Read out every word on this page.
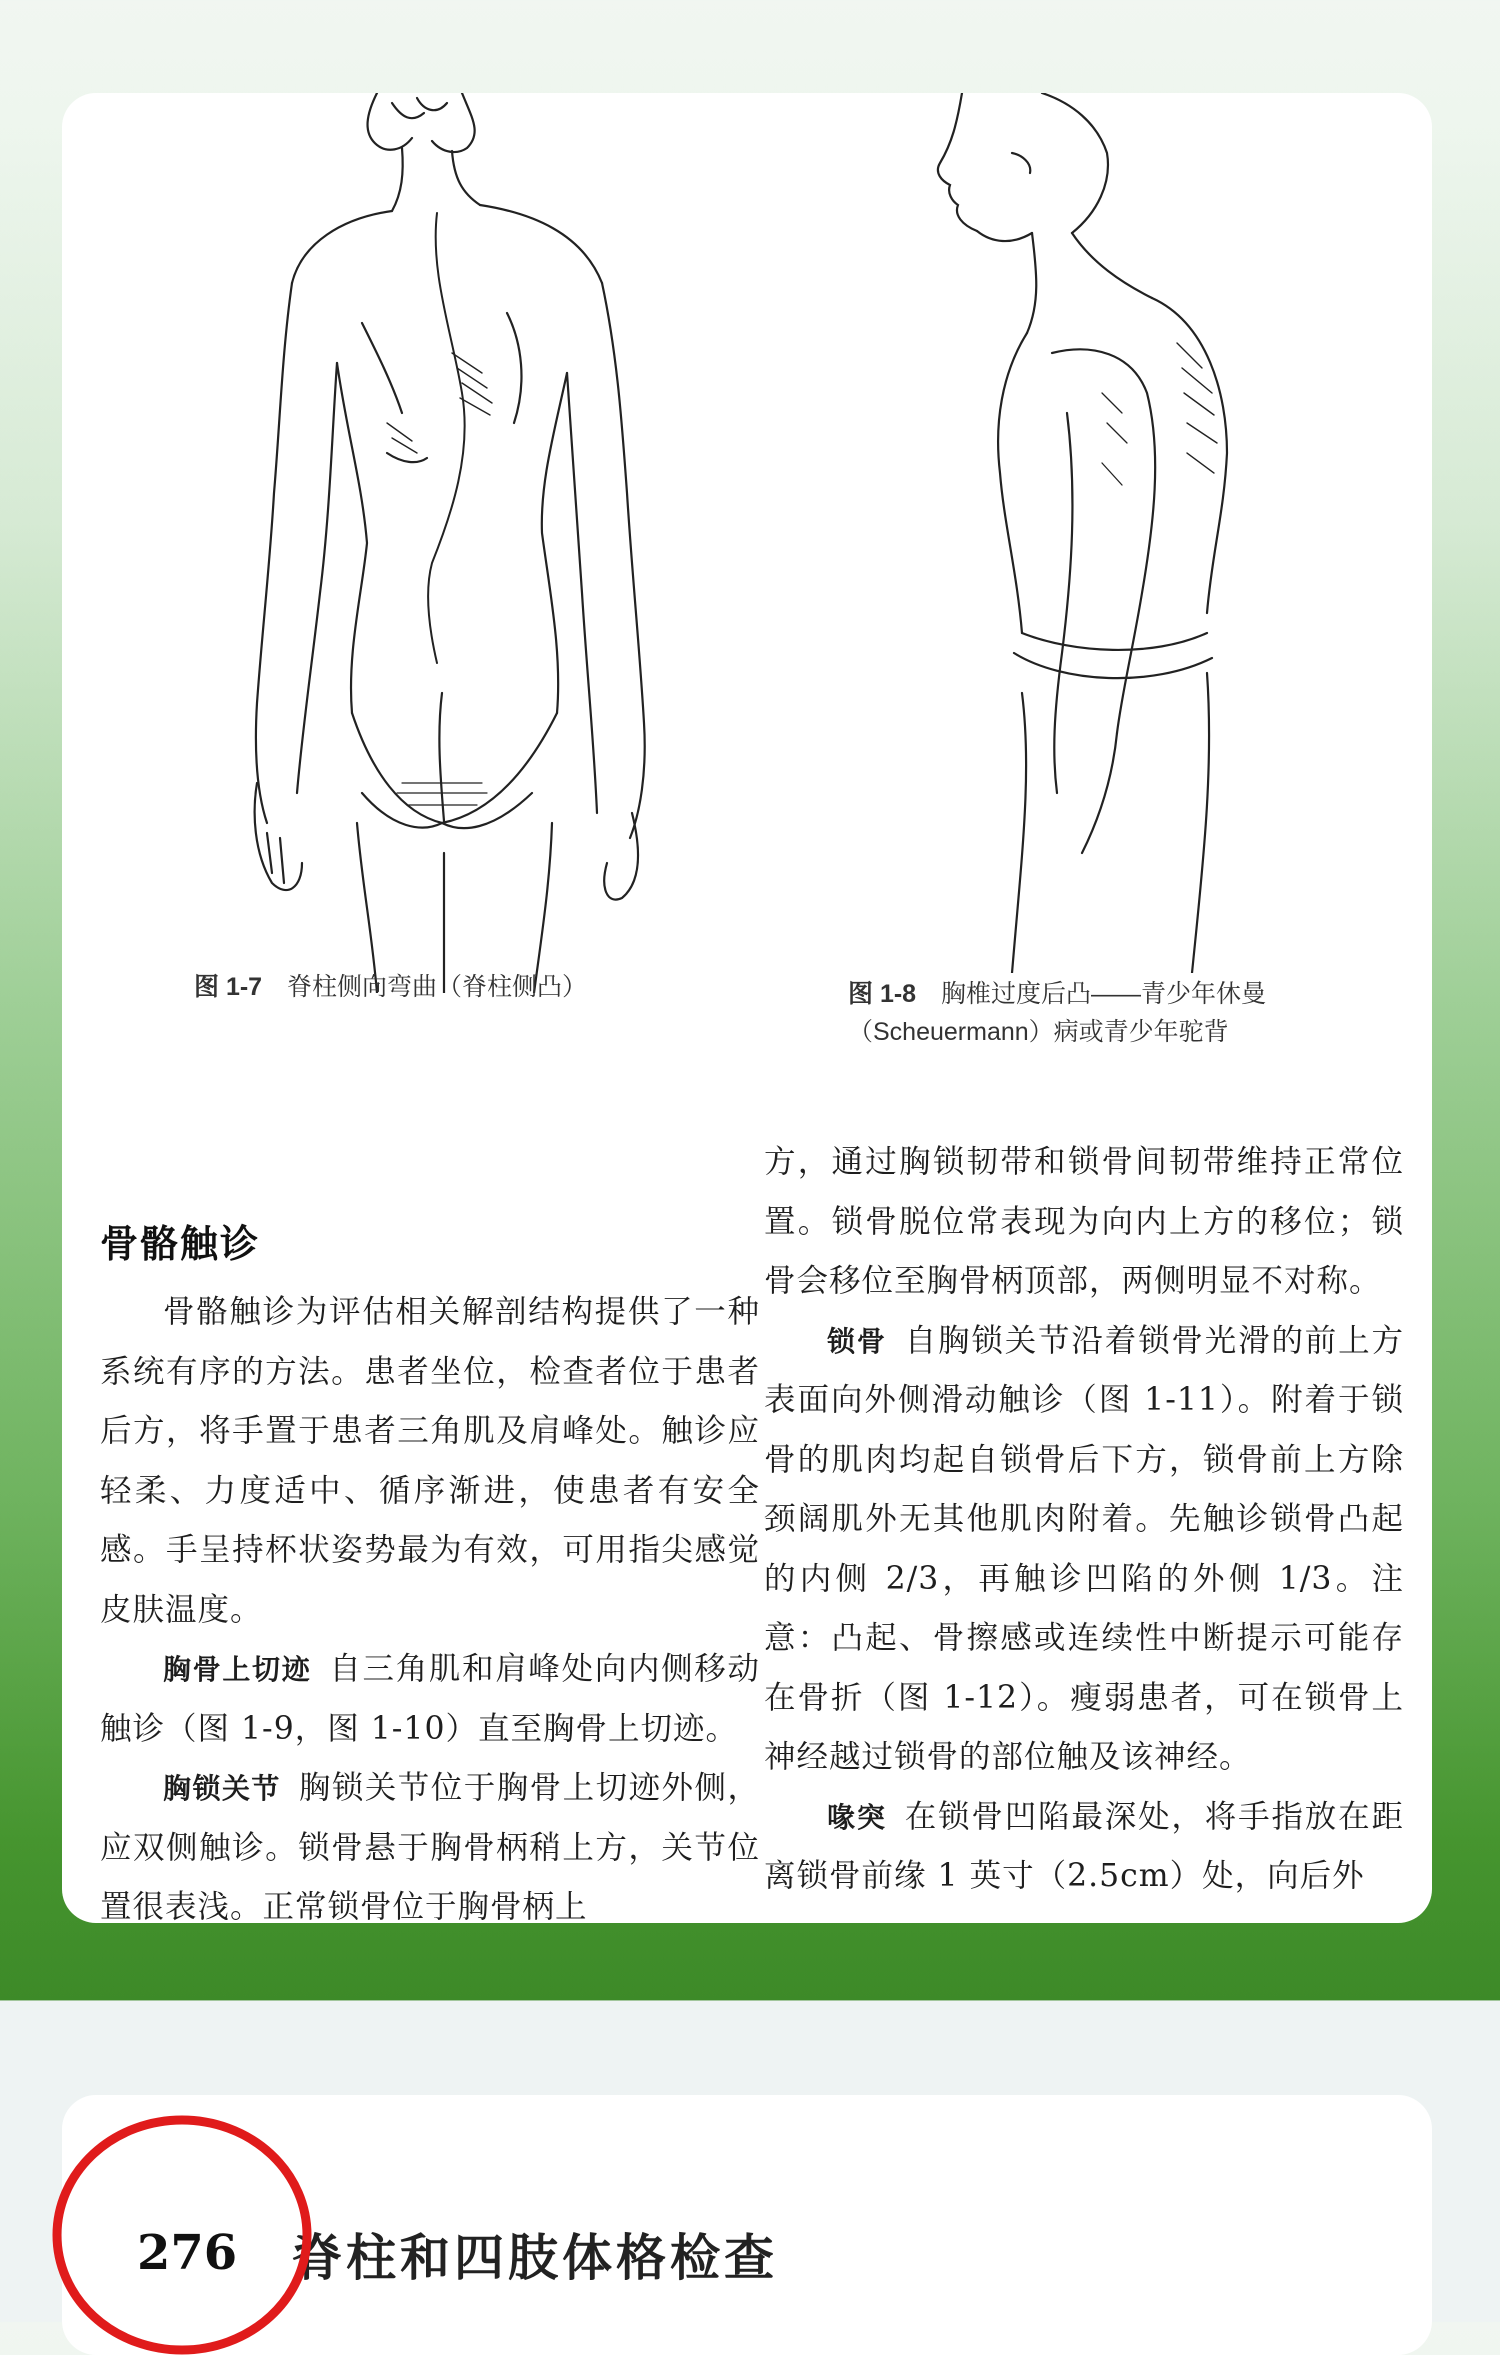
图 1-7 脊柱侧向弯曲（脊柱侧凸）	图 1-8 胸椎过度后凸——青少年休曼
（Scheuermann）病或青少年驼背
骨骼触诊

骨骼触诊为评估相关解剖结构提供了一种系统有序的方法。患者坐位，检查者位于患者后方，将手置于患者三角肌及肩峰处。触诊应轻柔、力度适中、循序渐进，使患者有安全感。手呈持杯状姿势最为有效，可用指尖感觉皮肤温度。

胸骨上切迹 自三角肌和肩峰处向内侧移动触诊（图 1-9，图 1-10）直至胸骨上切迹。

胸锁关节 胸锁关节位于胸骨上切迹外侧，应双侧触诊。锁骨悬于胸骨柄稍上方，关节位置很表浅。正常锁骨位于胸骨柄上

方，通过胸锁韧带和锁骨间韧带维持正常位置。锁骨脱位常表现为向内上方的移位；锁骨会移位至胸骨柄顶部，两侧明显不对称。

锁骨 自胸锁关节沿着锁骨光滑的前上方表面向外侧滑动触诊（图 1-11）。附着于锁骨的肌肉均起自锁骨后下方，锁骨前上方除颈阔肌外无其他肌肉附着。先触诊锁骨凸起的内侧 2/3，再触诊凹陷的外侧 1/3。注意：凸起、骨擦感或连续性中断提示可能存在骨折（图 1-12）。瘦弱患者，可在锁骨上神经越过锁骨的部位触及该神经。

喙突 在锁骨凹陷最深处，将手指放在距离锁骨前缘 1 英寸（2.5cm）处，向后外

276 脊柱和四肢体格检查
